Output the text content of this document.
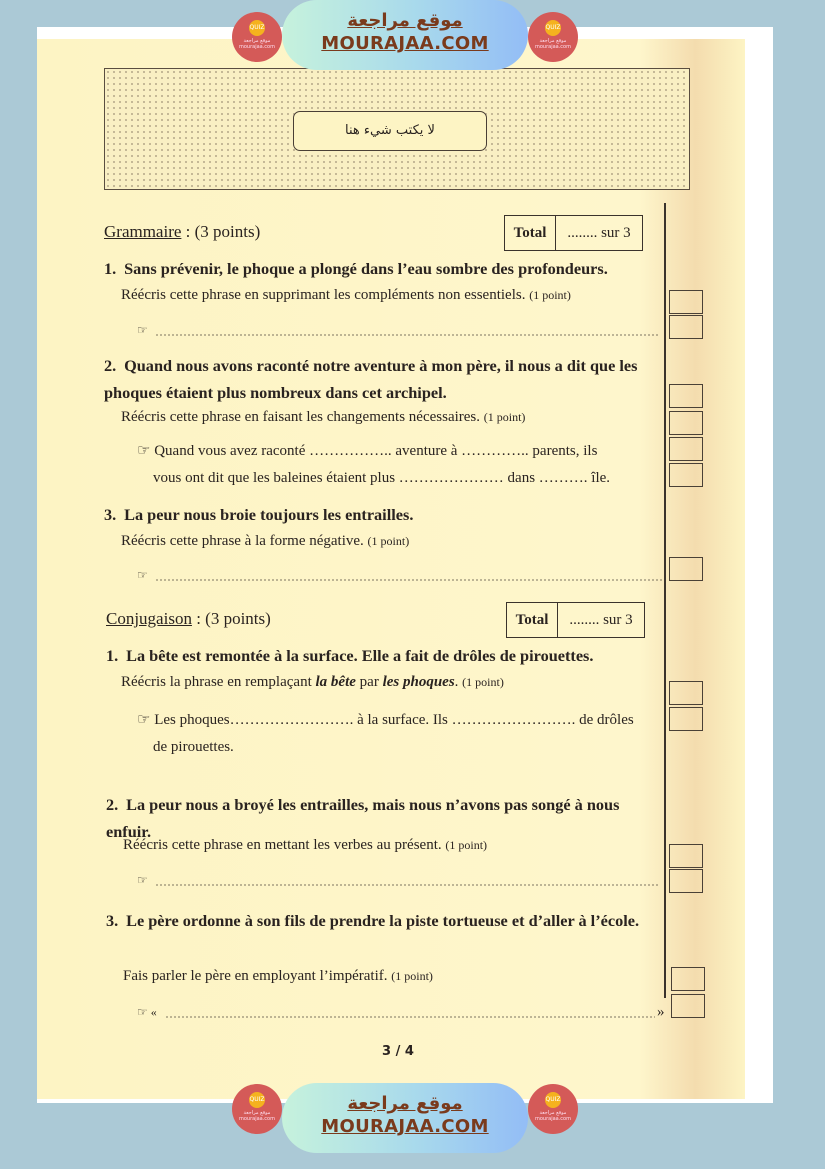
QUIZ
موقع مراجعة mourajaa.com
موقع مراجعة
MOURAJAA.COM
QUIZ
موقع مراجعة mourajaa.com
لا يكتب شيء هنا
Grammaire : (3 points)	Total	........ sur 3
1. Sans prévenir, le phoque a plongé dans l’eau sombre des profondeurs.
Réécris cette phrase en supprimant les compléments non essentiels. (1 point)
☞
2. Quand nous avons raconté notre aventure à mon père, il nous a dit que les phoques étaient plus nombreux dans cet archipel.
Réécris cette phrase en faisant les changements nécessaires. (1 point)
☞ Quand vous avez raconté …………….. aventure à ………….. parents, ils
vous ont dit que les baleines étaient plus ………………… dans ………. île.
3. La peur nous broie toujours les entrailles.
Réécris cette phrase à la forme négative. (1 point)
☞
Conjugaison : (3 points)	Total	........ sur 3
1. La bête est remontée à la surface. Elle a fait de drôles de pirouettes.
Réécris la phrase en remplaçant la bête par les phoques. (1 point)
☞ Les phoques……………………. à la surface. Ils ……………………. de drôles
de pirouettes.
2. La peur nous a broyé les entrailles, mais nous n’avons pas songé à nous enfuir.
Réécris cette phrase en mettant les verbes au présent. (1 point)
☞
3. Le père ordonne à son fils de prendre la piste tortueuse et d’aller à l’école.
Fais parler le père en employant l’impératif. (1 point)
☞ «	»
3 / 4
QUIZ
موقع مراجعة mourajaa.com
موقع مراجعة
MOURAJAA.COM
QUIZ
موقع مراجعة mourajaa.com
